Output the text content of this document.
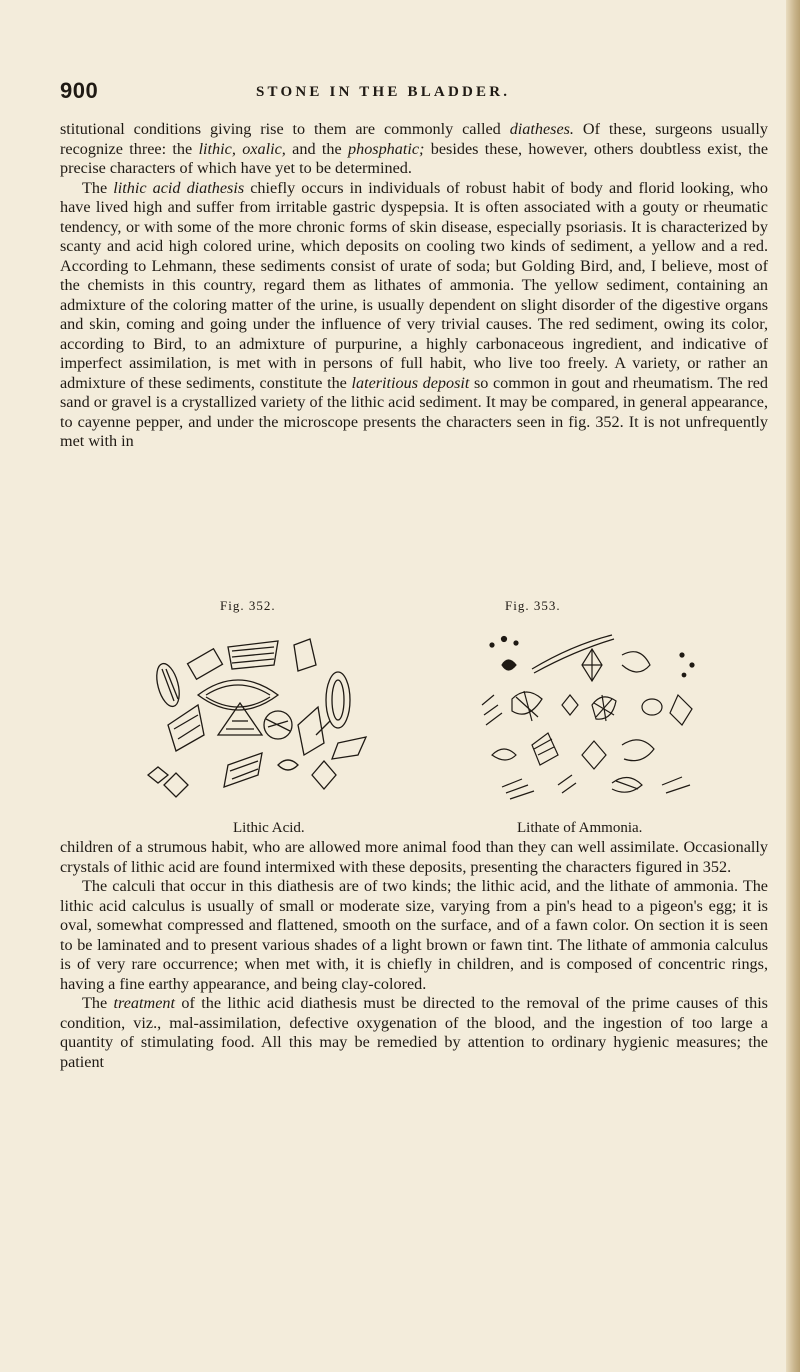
900	STONE IN THE BLADDER.

stitutional conditions giving rise to them are commonly called diatheses. Of these, surgeons usually recognize three: the lithic, oxalic, and the phosphatic; besides these, however, others doubtless exist, the precise characters of which have yet to be determined.
The lithic acid diathesis chiefly occurs in individuals of robust habit of body and florid looking, who have lived high and suffer from irritable gastric dyspepsia. It is often associated with a gouty or rheumatic tendency, or with some of the more chronic forms of skin disease, especially psoriasis. It is characterized by scanty and acid high colored urine, which deposits on cooling two kinds of sediment, a yellow and a red. According to Lehmann, these sediments consist of urate of soda; but Golding Bird, and, I believe, most of the chemists in this country, regard them as lithates of ammonia. The yellow sediment, containing an admixture of the coloring matter of the urine, is usually dependent on slight disorder of the digestive organs and skin, coming and going under the influence of very trivial causes. The red sediment, owing its color, according to Bird, to an admixture of purpurine, a highly carbonaceous ingredient, and indicative of imperfect assimilation, is met with in persons of full habit, who live too freely. A variety, or rather an admixture of these sediments, constitute the lateritious deposit so common in gout and rheumatism. The red sand or gravel is a crystallized variety of the lithic acid sediment. It may be compared, in general appearance, to cayenne pepper, and under the microscope presents the characters seen in fig. 352. It is not unfrequently met with in

Fig. 352.
Lithic Acid.
Fig. 353.
Lithate of Ammonia.

children of a strumous habit, who are allowed more animal food than they can well assimilate. Occasionally crystals of lithic acid are found intermixed with these deposits, presenting the characters figured in 352.
The calculi that occur in this diathesis are of two kinds; the lithic acid, and the lithate of ammonia. The lithic acid calculus is usually of small or moderate size, varying from a pin's head to a pigeon's egg; it is oval, somewhat compressed and flattened, smooth on the surface, and of a fawn color. On section it is seen to be laminated and to present various shades of a light brown or fawn tint. The lithate of ammonia calculus is of very rare occurrence; when met with, it is chiefly in children, and is composed of concentric rings, having a fine earthy appearance, and being clay-colored.
The treatment of the lithic acid diathesis must be directed to the removal of the prime causes of this condition, viz., mal-assimilation, defective oxygenation of the blood, and the ingestion of too large a quantity of stimulating food. All this may be remedied by attention to ordinary hygienic measures; the patient
